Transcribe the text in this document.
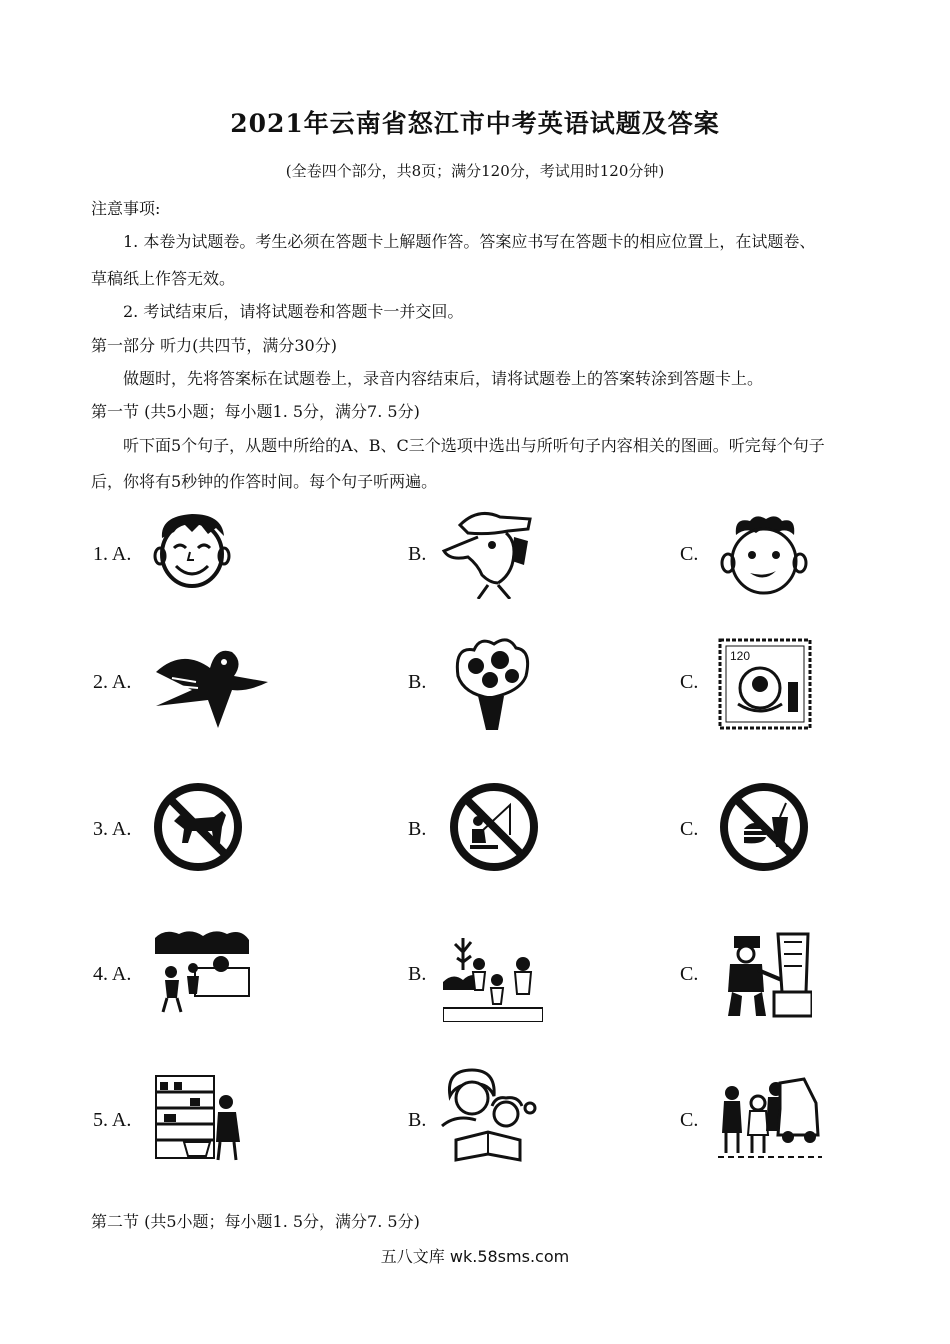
2021年云南省怒江市中考英语试题及答案
(全卷四个部分，共8页；满分120分，考试用时120分钟)
注意事项:
1. 本卷为试题卷。考生必须在答题卡上解题作答。答案应书写在答题卡的相应位置上，在试题卷、
草稿纸上作答无效。
2. 考试结束后，请将试题卷和答题卡一并交回。
第一部分 听力(共四节，满分30分)
做题时，先将答案标在试题卷上，录音内容结束后，请将试题卷上的答案转涂到答题卡上。
第一节 (共5小题；每小题1. 5分，满分7. 5分)
听下面5个句子，从题中所给的A、B、C三个选项中选出与所听句子内容相关的图画。听完每个句子
后，你将有5秒钟的作答时间。每个句子听两遍。
1. A.	B.	C.
2. A.	B.	C.
120
3. A.	B.	C.
4. A.	B.	C.
5. A.	B.	C.
第二节 (共5小题；每小题1. 5分，满分7. 5分)
五八文库 wk.58sms.com
